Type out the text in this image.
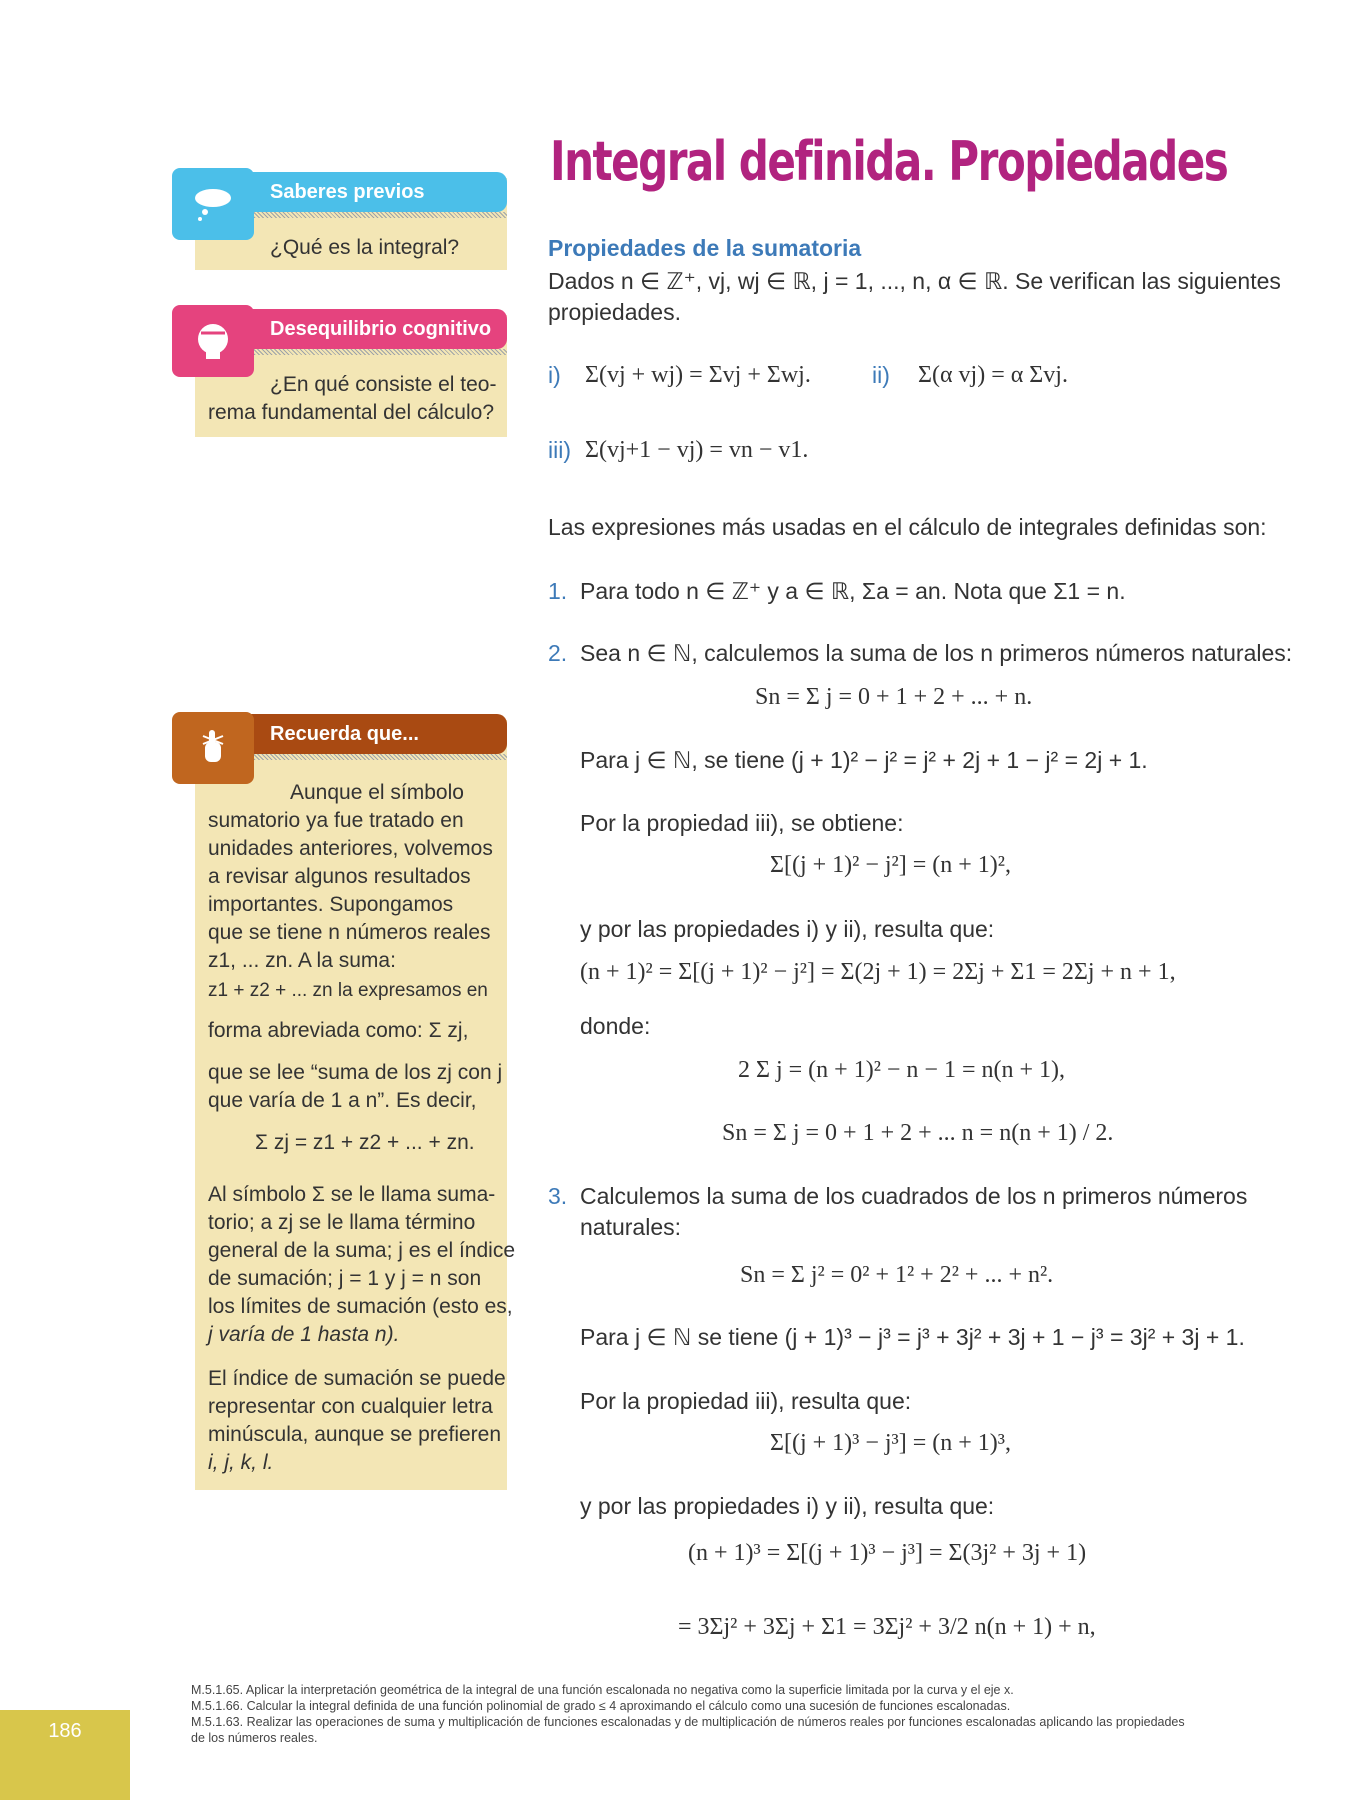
Integral definida. Propiedades
Saberes previos
¿Qué es la integral?
Desequilibrio cognitivo
¿En qué consiste el teo-
rema fundamental del cálculo?
Recuerda que...
Aunque el símbolo
sumatorio ya fue tratado en
unidades anteriores, volvemos
a revisar algunos resultados
importantes. Supongamos
que se tiene n números reales
z1, ... zn. A la suma:
z1 + z2 + ... zn la expresamos en
forma abreviada como: Σ zj,
que se lee “suma de los zj con j
que varía de 1 a n”. Es decir,
Σ zj = z1 + z2 + ... + zn.
Al símbolo Σ se le llama suma-
torio; a zj se le llama término
general de la suma; j es el índice
de sumación; j = 1 y j = n son
los límites de sumación (esto es,
j varía de 1 hasta n).
El índice de sumación se puede
representar con cualquier letra
minúscula, aunque se prefieren
i, j, k, l.
Propiedades de la sumatoria
Dados n ∈ ℤ⁺, vj, wj ∈ ℝ, j = 1, ..., n, α ∈ ℝ. Se verifican las siguientes
propiedades.
i) Σ(vj + wj) = Σvj + Σwj.	ii) Σ(α vj) = α Σvj.
iii) Σ(vj+1 − vj) = vn − v1.
Las expresiones más usadas en el cálculo de integrales definidas son:
1. Para todo n ∈ ℤ⁺ y a ∈ ℝ, Σa = an. Nota que Σ1 = n.
2. Sea n ∈ ℕ, calculemos la suma de los n primeros números naturales:
Sn = Σ j = 0 + 1 + 2 + ... + n.
Para j ∈ ℕ, se tiene (j + 1)² − j² = j² + 2j + 1 − j² = 2j + 1.
Por la propiedad iii), se obtiene:
Σ[(j + 1)² − j²] = (n + 1)²,
y por las propiedades i) y ii), resulta que:
(n + 1)² = Σ[(j + 1)² − j²] = Σ(2j + 1) = 2Σj + Σ1 = 2Σj + n + 1,
donde:
2 Σ j = (n + 1)² − n − 1 = n(n + 1),
Sn = Σ j = 0 + 1 + 2 + ... n = n(n + 1) / 2.
3. Calculemos la suma de los cuadrados de los n primeros números
naturales:
Sn = Σ j² = 0² + 1² + 2² + ... + n².
Para j ∈ ℕ se tiene (j + 1)³ − j³ = j³ + 3j² + 3j + 1 − j³ = 3j² + 3j + 1.
Por la propiedad iii), resulta que:
Σ[(j + 1)³ − j³] = (n + 1)³,
y por las propiedades i) y ii), resulta que:
(n + 1)³ = Σ[(j + 1)³ − j³] = Σ(3j² + 3j + 1)
= 3Σj² + 3Σj + Σ1 = 3Σj² + 3/2 n(n + 1) + n,
M.5.1.65. Aplicar la interpretación geométrica de la integral de una función escalonada no negativa como la superficie limitada por la curva y el eje x.
M.5.1.66. Calcular la integral definida de una función polinomial de grado ≤ 4 aproximando el cálculo como una sucesión de funciones escalonadas.
M.5.1.63. Realizar las operaciones de suma y multiplicación de funciones escalonadas y de multiplicación de números reales por funciones escalonadas aplicando las propiedades de los números reales.
186
